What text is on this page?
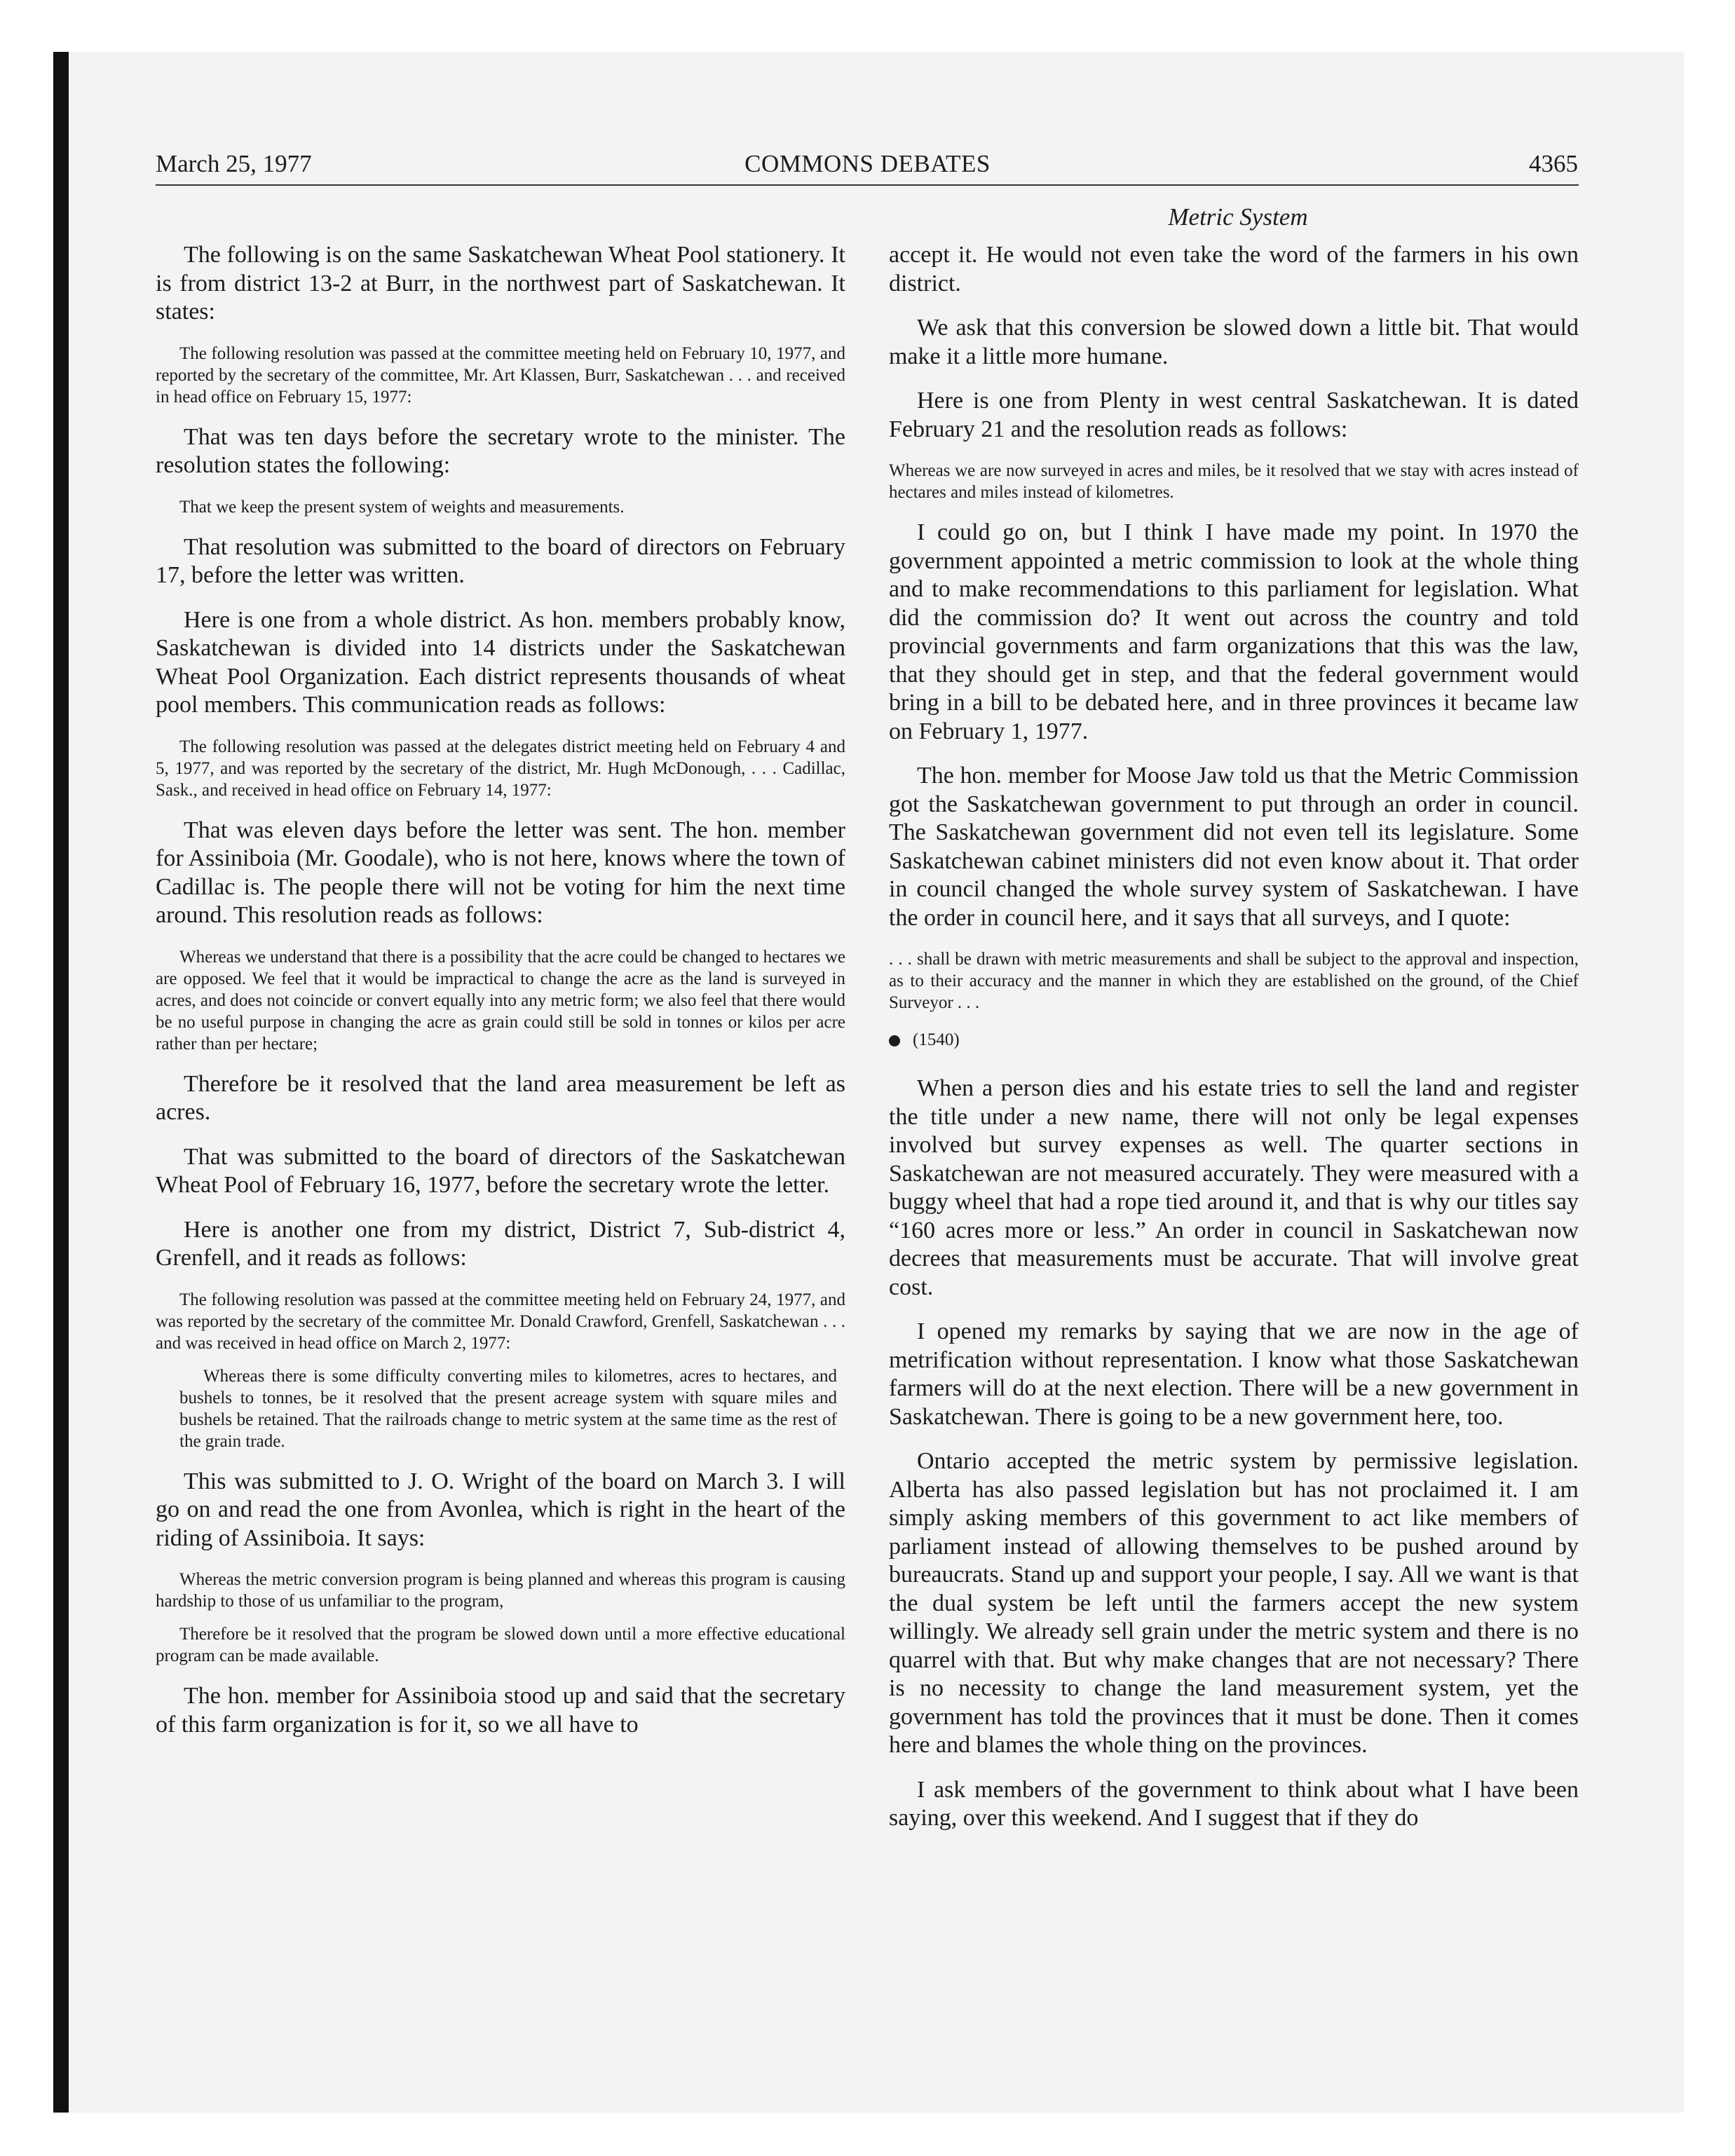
March 25, 1977	COMMONS DEBATES	4365
Metric System

The following is on the same Saskatchewan Wheat Pool stationery. It is from district 13-2 at Burr, in the northwest part of Saskatchewan. It states:

The following resolution was passed at the committee meeting held on February 10, 1977, and reported by the secretary of the committee, Mr. Art Klassen, Burr, Saskatchewan . . . and received in head office on February 15, 1977:

That was ten days before the secretary wrote to the minister. The resolution states the following:

That we keep the present system of weights and measurements.

That resolution was submitted to the board of directors on February 17, before the letter was written.

Here is one from a whole district. As hon. members probably know, Saskatchewan is divided into 14 districts under the Saskatchewan Wheat Pool Organization. Each district represents thousands of wheat pool members. This communication reads as follows:

The following resolution was passed at the delegates district meeting held on February 4 and 5, 1977, and was reported by the secretary of the district, Mr. Hugh McDonough, . . . Cadillac, Sask., and received in head office on February 14, 1977:

That was eleven days before the letter was sent. The hon. member for Assiniboia (Mr. Goodale), who is not here, knows where the town of Cadillac is. The people there will not be voting for him the next time around. This resolution reads as follows:

Whereas we understand that there is a possibility that the acre could be changed to hectares we are opposed. We feel that it would be impractical to change the acre as the land is surveyed in acres, and does not coincide or convert equally into any metric form; we also feel that there would be no useful purpose in changing the acre as grain could still be sold in tonnes or kilos per acre rather than per hectare;

Therefore be it resolved that the land area measurement be left as acres.

That was submitted to the board of directors of the Saskatchewan Wheat Pool of February 16, 1977, before the secretary wrote the letter.

Here is another one from my district, District 7, Sub-district 4, Grenfell, and it reads as follows:

The following resolution was passed at the committee meeting held on February 24, 1977, and was reported by the secretary of the committee Mr. Donald Crawford, Grenfell, Saskatchewan . . . and was received in head office on March 2, 1977:

Whereas there is some difficulty converting miles to kilometres, acres to hectares, and bushels to tonnes, be it resolved that the present acreage system with square miles and bushels be retained. That the railroads change to metric system at the same time as the rest of the grain trade.

This was submitted to J. O. Wright of the board on March 3. I will go on and read the one from Avonlea, which is right in the heart of the riding of Assiniboia. It says:

Whereas the metric conversion program is being planned and whereas this program is causing hardship to those of us unfamiliar to the program,

Therefore be it resolved that the program be slowed down until a more effective educational program can be made available.

The hon. member for Assiniboia stood up and said that the secretary of this farm organization is for it, so we all have to

accept it. He would not even take the word of the farmers in his own district.

We ask that this conversion be slowed down a little bit. That would make it a little more humane.

Here is one from Plenty in west central Saskatchewan. It is dated February 21 and the resolution reads as follows:

Whereas we are now surveyed in acres and miles, be it resolved that we stay with acres instead of hectares and miles instead of kilometres.

I could go on, but I think I have made my point. In 1970 the government appointed a metric commission to look at the whole thing and to make recommendations to this parliament for legislation. What did the commission do? It went out across the country and told provincial governments and farm organizations that this was the law, that they should get in step, and that the federal government would bring in a bill to be debated here, and in three provinces it became law on February 1, 1977.

The hon. member for Moose Jaw told us that the Metric Commission got the Saskatchewan government to put through an order in council. The Saskatchewan government did not even tell its legislature. Some Saskatchewan cabinet ministers did not even know about it. That order in council changed the whole survey system of Saskatchewan. I have the order in council here, and it says that all surveys, and I quote:

. . . shall be drawn with metric measurements and shall be subject to the approval and inspection, as to their accuracy and the manner in which they are established on the ground, of the Chief Surveyor . . .

(1540)

When a person dies and his estate tries to sell the land and register the title under a new name, there will not only be legal expenses involved but survey expenses as well. The quarter sections in Saskatchewan are not measured accurately. They were measured with a buggy wheel that had a rope tied around it, and that is why our titles say “160 acres more or less.” An order in council in Saskatchewan now decrees that measurements must be accurate. That will involve great cost.

I opened my remarks by saying that we are now in the age of metrification without representation. I know what those Saskatchewan farmers will do at the next election. There will be a new government in Saskatchewan. There is going to be a new government here, too.

Ontario accepted the metric system by permissive legislation. Alberta has also passed legislation but has not proclaimed it. I am simply asking members of this government to act like members of parliament instead of allowing themselves to be pushed around by bureaucrats. Stand up and support your people, I say. All we want is that the dual system be left until the farmers accept the new system willingly. We already sell grain under the metric system and there is no quarrel with that. But why make changes that are not necessary? There is no necessity to change the land measurement system, yet the government has told the provinces that it must be done. Then it comes here and blames the whole thing on the provinces.

I ask members of the government to think about what I have been saying, over this weekend. And I suggest that if they do
